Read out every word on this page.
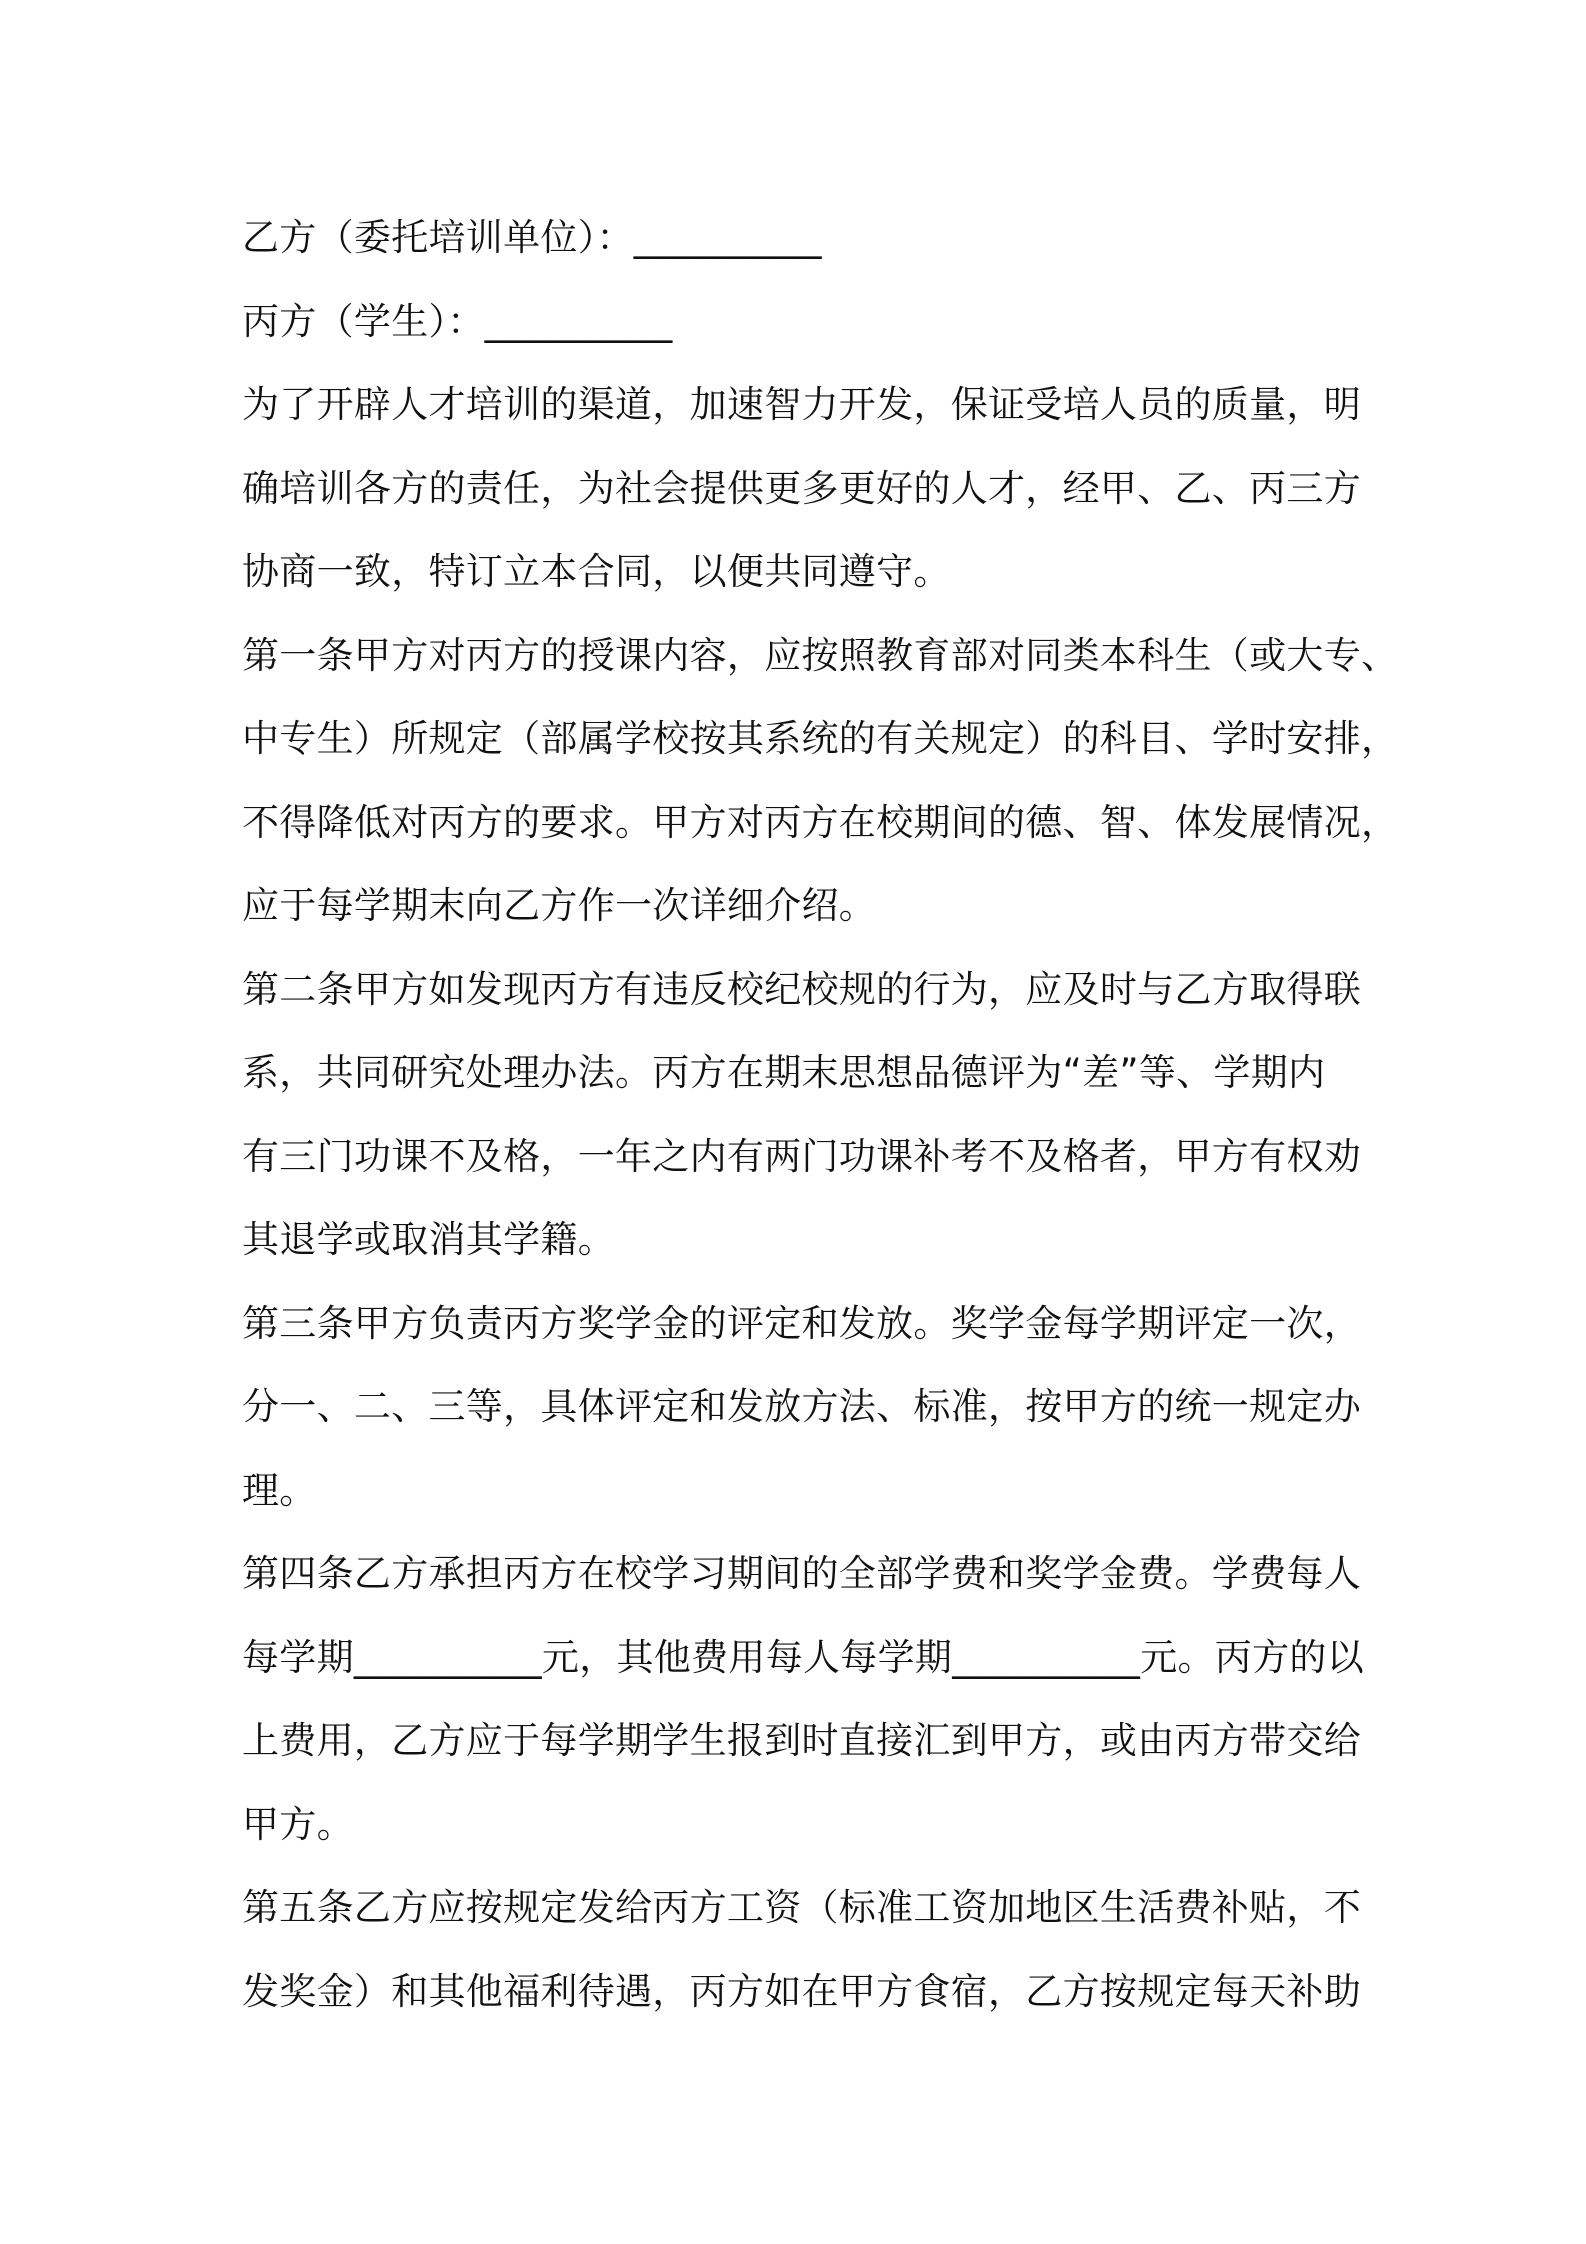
乙方（委托培训单位）：__________
丙方（学生）：__________
为了开辟人才培训的渠道，加速智力开发，保证受培人员的质量，明
确培训各方的责任，为社会提供更多更好的人才，经甲、乙、丙三方
协商一致，特订立本合同，以便共同遵守。
第一条甲方对丙方的授课内容，应按照教育部对同类本科生（或大专、
中专生）所规定（部属学校按其系统的有关规定）的科目、学时安排，
不得降低对丙方的要求。甲方对丙方在校期间的德、智、体发展情况，
应于每学期末向乙方作一次详细介绍。
第二条甲方如发现丙方有违反校纪校规的行为，应及时与乙方取得联
系，共同研究处理办法。丙方在期末思想品德评为“差”等、学期内
有三门功课不及格，一年之内有两门功课补考不及格者，甲方有权劝
其退学或取消其学籍。
第三条甲方负责丙方奖学金的评定和发放。奖学金每学期评定一次，
分一、二、三等，具体评定和发放方法、标准，按甲方的统一规定办
理。
第四条乙方承担丙方在校学习期间的全部学费和奖学金费。学费每人
每学期__________元，其他费用每人每学期__________元。丙方的以
上费用，乙方应于每学期学生报到时直接汇到甲方，或由丙方带交给
甲方。
第五条乙方应按规定发给丙方工资（标准工资加地区生活费补贴，不
发奖金）和其他福利待遇，丙方如在甲方食宿，乙方按规定每天补助
